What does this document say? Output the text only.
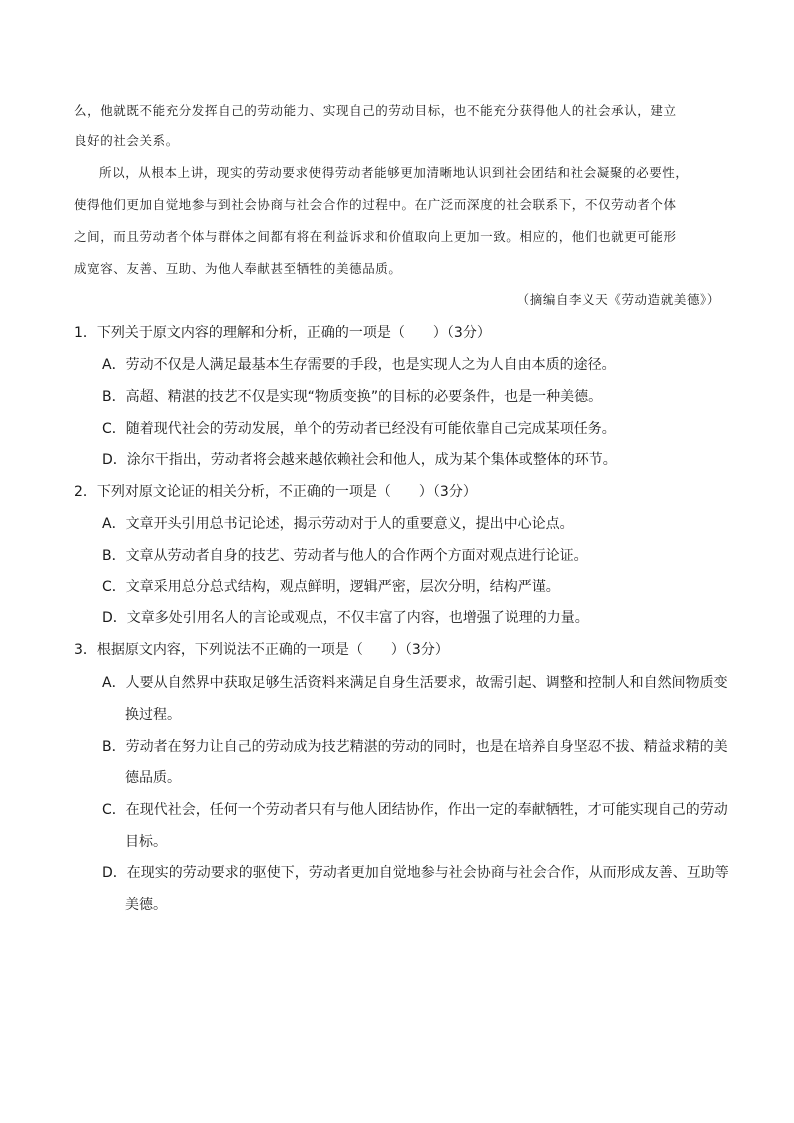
么，他就既不能充分发挥自己的劳动能力、实现自己的劳动目标，也不能充分获得他人的社会承认，建立
良好的社会关系。
所以，从根本上讲，现实的劳动要求使得劳动者能够更加清晰地认识到社会团结和社会凝聚的必要性，
使得他们更加自觉地参与到社会协商与社会合作的过程中。在广泛而深度的社会联系下，不仅劳动者个体
之间，而且劳动者个体与群体之间都有将在利益诉求和价值取向上更加一致。相应的，他们也就更可能形
成宽容、友善、互助、为他人奉献甚至牺牲的美德品质。
（摘编自李义天《劳动造就美德》）
1．下列关于原文内容的理解和分析，正确的一项是（　　）（3分）
A．劳动不仅是人满足最基本生存需要的手段，也是实现人之为人自由本质的途径。
B．高超、精湛的技艺不仅是实现“物质变换”的目标的必要条件，也是一种美德。
C．随着现代社会的劳动发展，单个的劳动者已经没有可能依靠自己完成某项任务。
D．涂尔干指出，劳动者将会越来越依赖社会和他人，成为某个集体或整体的环节。
2．下列对原文论证的相关分析，不正确的一项是（　　）（3分）
A．文章开头引用总书记论述，揭示劳动对于人的重要意义，提出中心论点。
B．文章从劳动者自身的技艺、劳动者与他人的合作两个方面对观点进行论证。
C．文章采用总分总式结构，观点鲜明，逻辑严密，层次分明，结构严谨。
D．文章多处引用名人的言论或观点，不仅丰富了内容，也增强了说理的力量。
3．根据原文内容，下列说法不正确的一项是（　　）（3分）
A．人要从自然界中获取足够生活资料来满足自身生活要求，故需引起、调整和控制人和自然间物质变
换过程。
B．劳动者在努力让自己的劳动成为技艺精湛的劳动的同时，也是在培养自身坚忍不拔、精益求精的美
德品质。
C．在现代社会，任何一个劳动者只有与他人团结协作，作出一定的奉献牺牲，才可能实现自己的劳动
目标。
D．在现实的劳动要求的驱使下，劳动者更加自觉地参与社会协商与社会合作，从而形成友善、互助等
美德。
